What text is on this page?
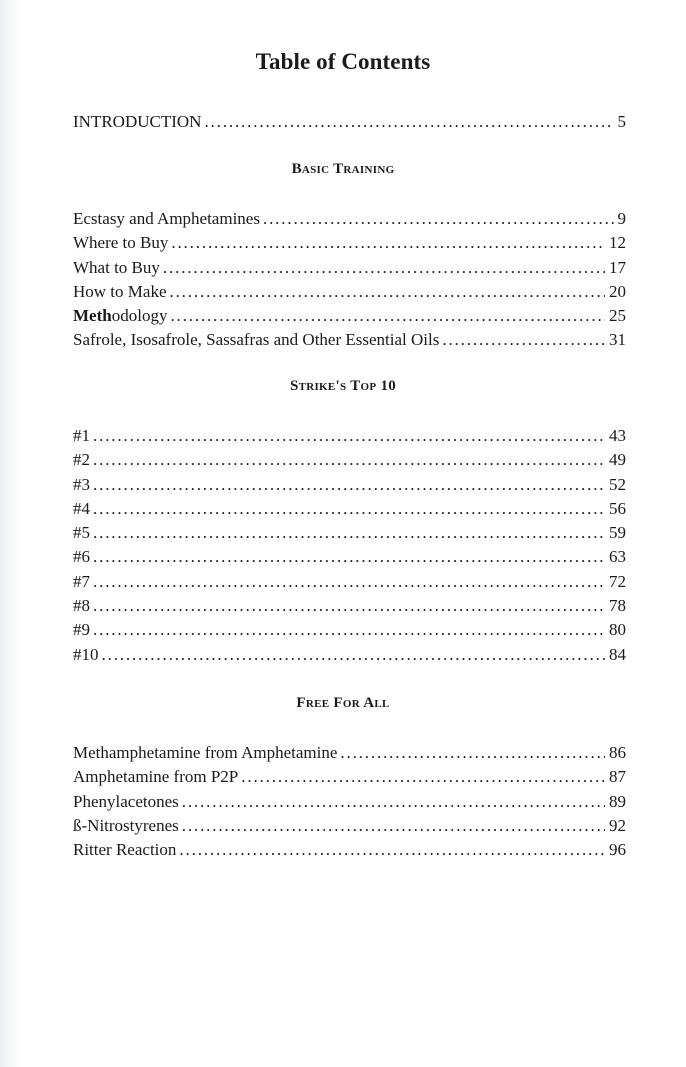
Table of Contents
INTRODUCTION . . .	5
Basic Training
Ecstasy and Amphetamines . . .	9
Where to Buy . . .	12
What to Buy . . .	17
How to Make . . .	20
Methodology . . .	25
Safrole, Isosafrole, Sassafras and Other Essential Oils . . .	31
Strike's Top 10
#1 . . .	43
#2 . . .	49
#3 . . .	52
#4 . . .	56
#5 . . .	59
#6 . . .	63
#7 . . .	72
#8 . . .	78
#9 . . .	80
#10 . . .	84
Free For All
Methamphetamine from Amphetamine . . .	86
Amphetamine from P2P . . .	87
Phenylacetones . . .	89
ß-Nitrostyrenes . . .	92
Ritter Reaction . . .	96
